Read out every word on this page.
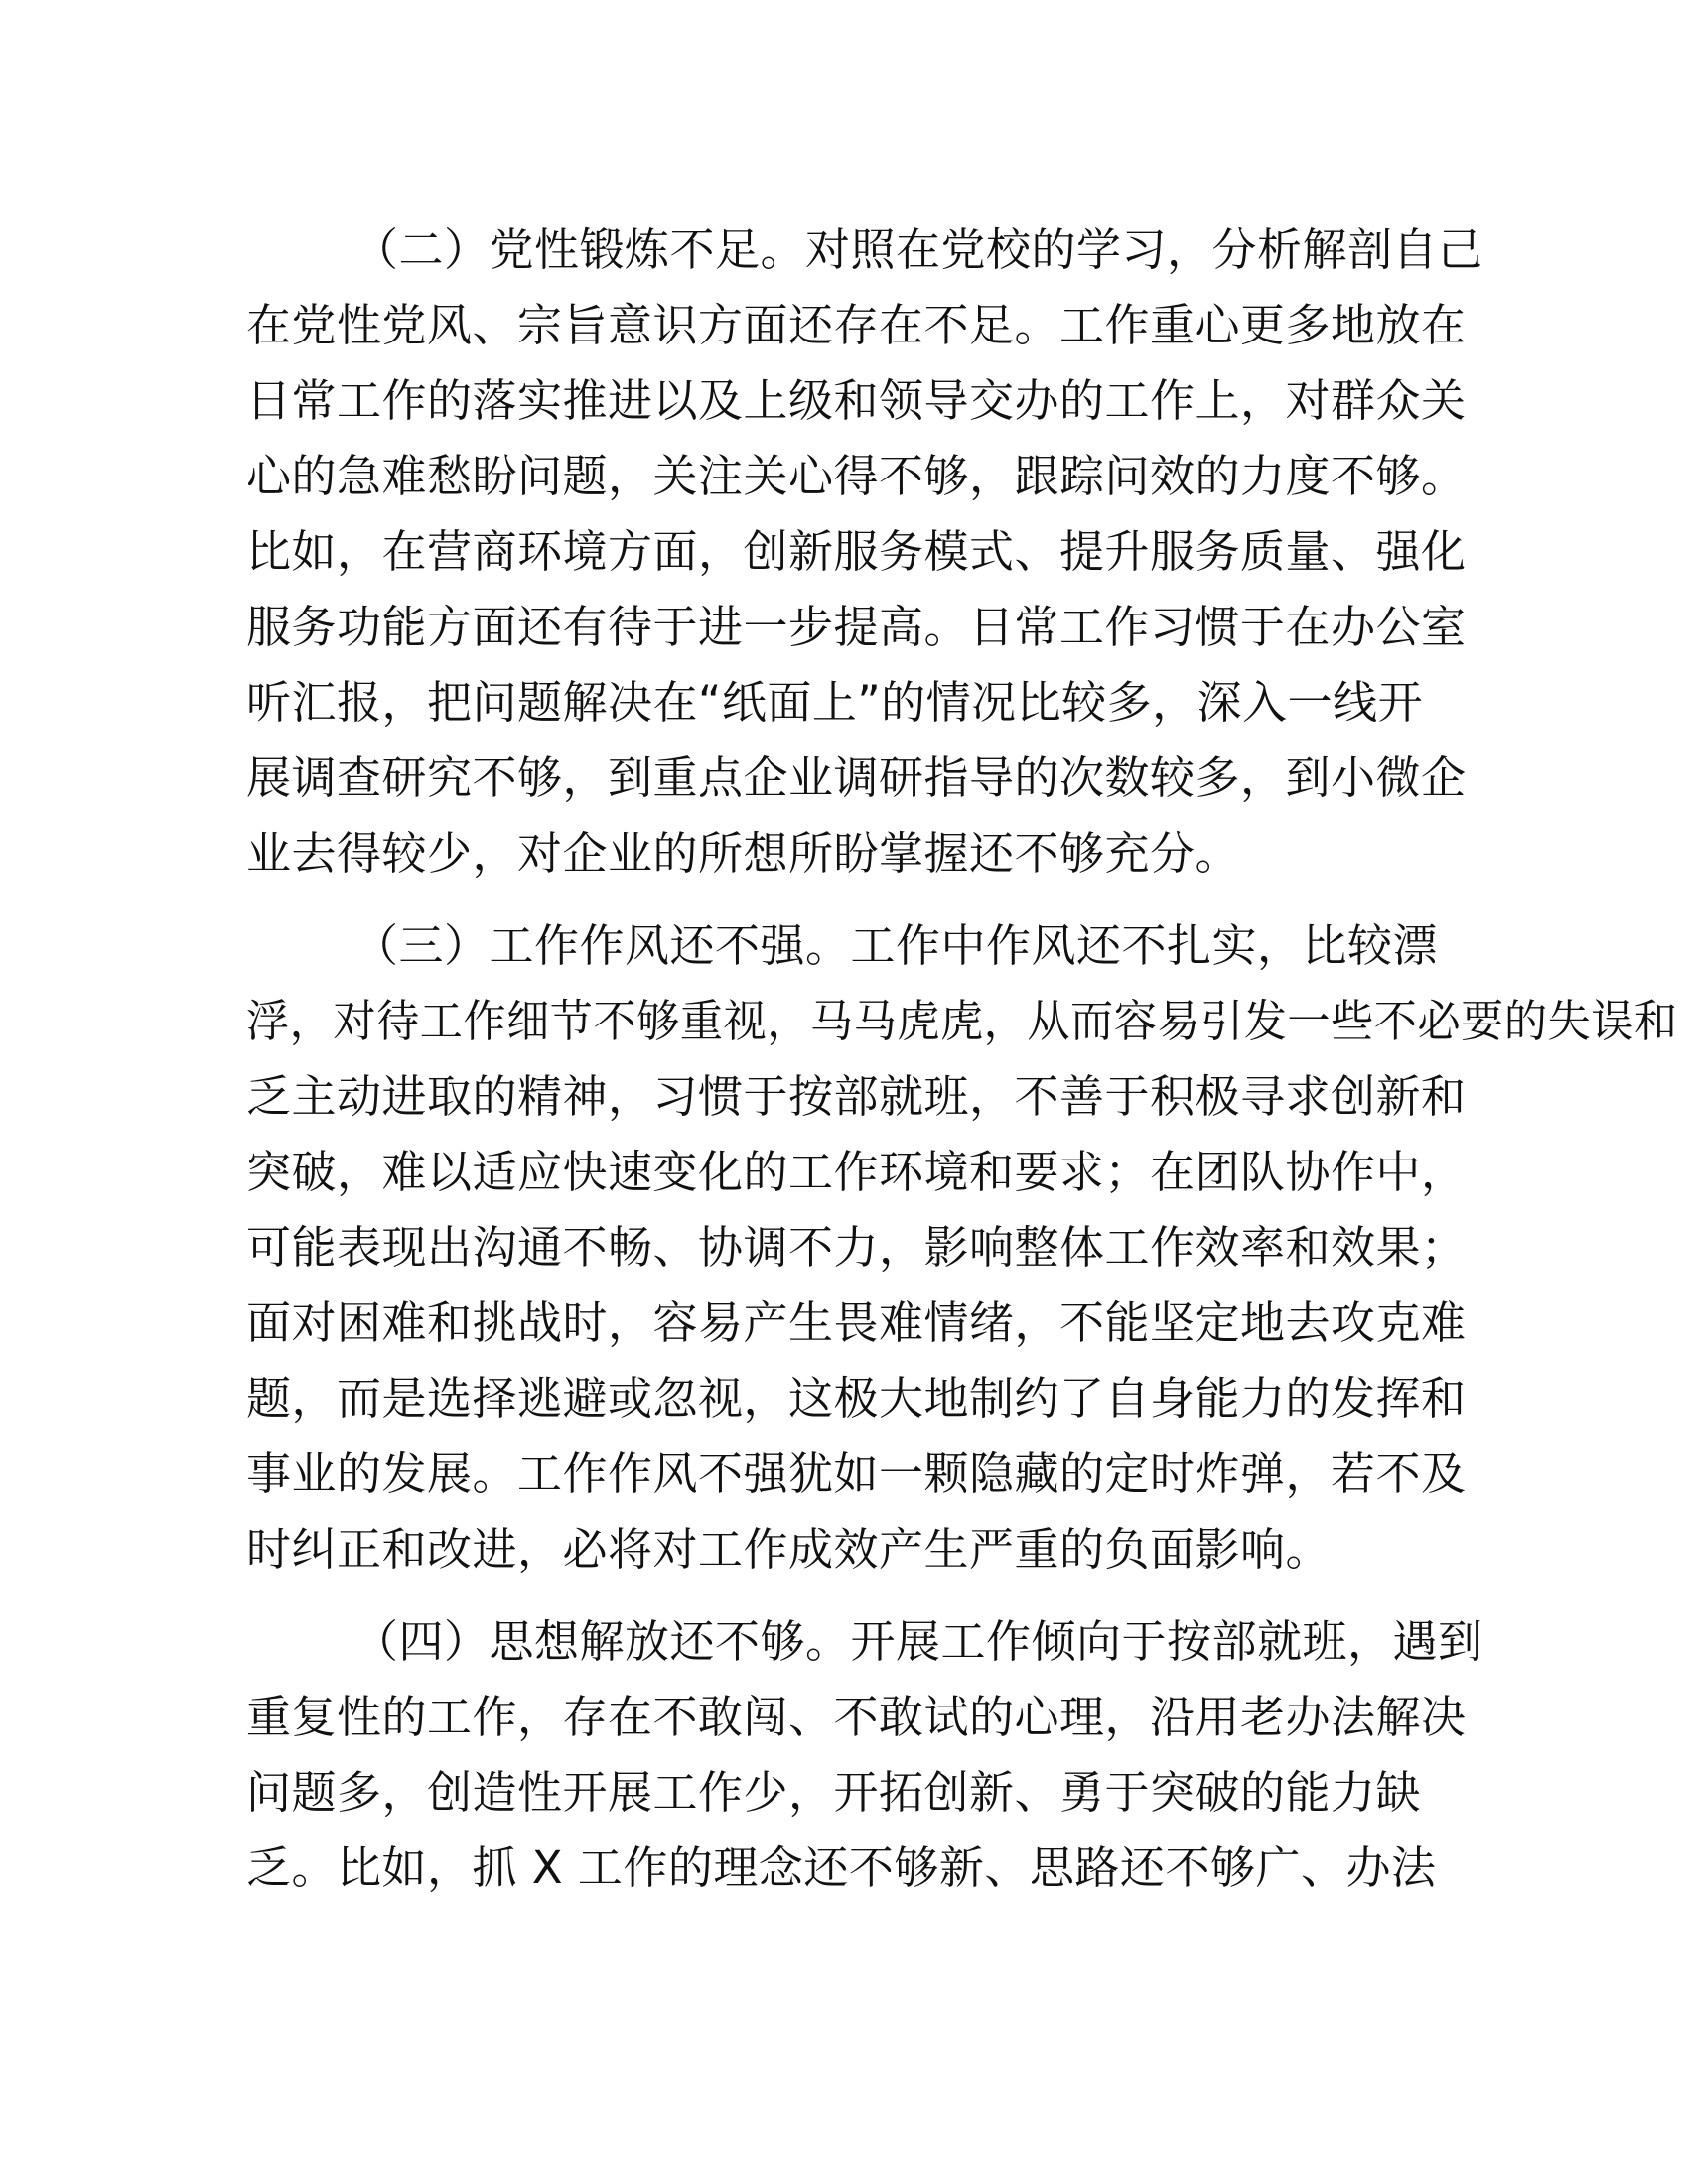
（二）党性锻炼不足。对照在党校的学习，分析解剖自己
在党性党风、宗旨意识方面还存在不足。工作重心更多地放在
日常工作的落实推进以及上级和领导交办的工作上，对群众关
心的急难愁盼问题，关注关心得不够，跟踪问效的力度不够。
比如，在营商环境方面，创新服务模式、提升服务质量、强化
服务功能方面还有待于进一步提高。日常工作习惯于在办公室
听汇报，把问题解决在“纸面上”的情况比较多，深入一线开
展调查研究不够，到重点企业调研指导的次数较多，到小微企
业去得较少，对企业的所想所盼掌握还不够充分。
（三）工作作风还不强。工作中作风还不扎实，比较漂
浮，对待工作细节不够重视，马马虎虎，从而容易引发一些不必要的失误和
乏主动进取的精神，习惯于按部就班，不善于积极寻求创新和
突破，难以适应快速变化的工作环境和要求；在团队协作中，
可能表现出沟通不畅、协调不力，影响整体工作效率和效果；
面对困难和挑战时，容易产生畏难情绪，不能坚定地去攻克难
题，而是选择逃避或忽视，这极大地制约了自身能力的发挥和
事业的发展。工作作风不强犹如一颗隐藏的定时炸弹，若不及
时纠正和改进，必将对工作成效产生严重的负面影响。
（四）思想解放还不够。开展工作倾向于按部就班，遇到
重复性的工作，存在不敢闯、不敢试的心理，沿用老办法解决
问题多，创造性开展工作少，开拓创新、勇于突破的能力缺
乏。比如，抓 X 工作的理念还不够新、思路还不够广、办法
